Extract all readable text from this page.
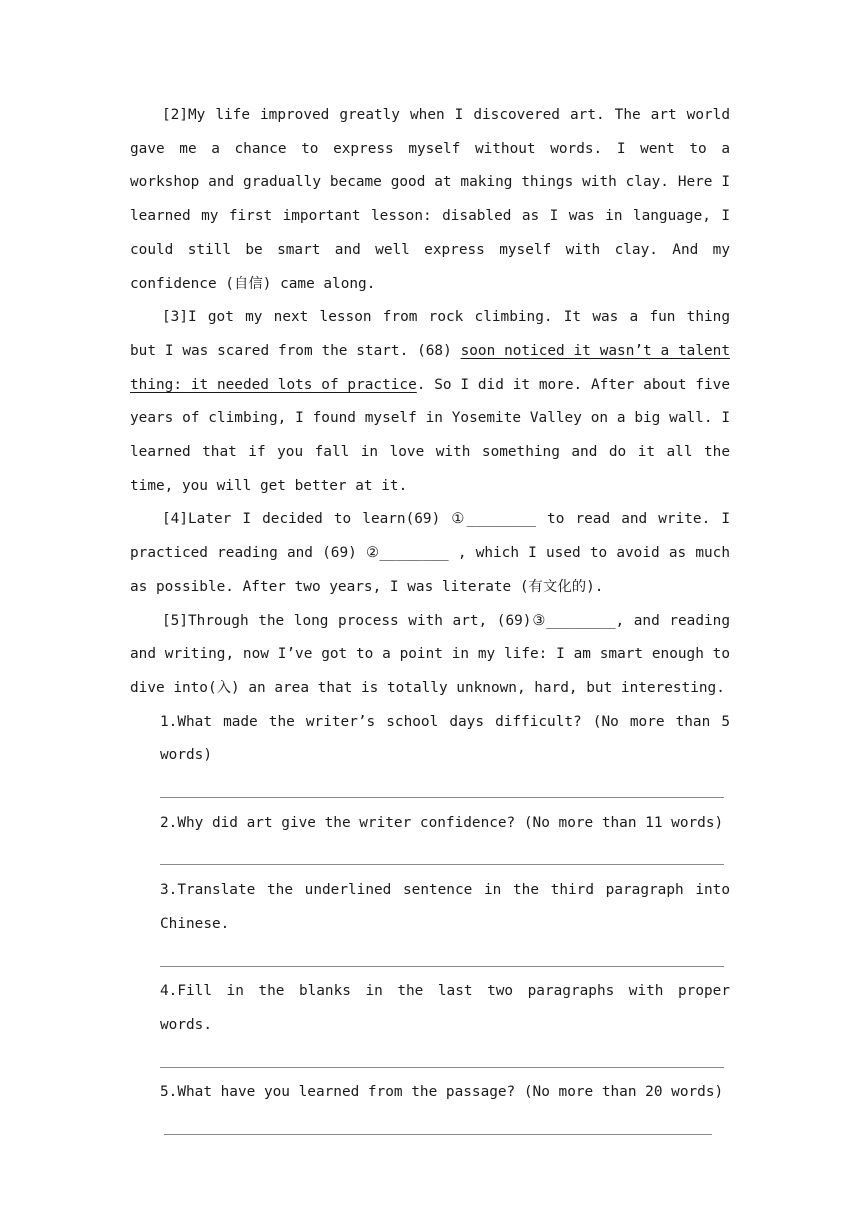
[2]My life improved greatly when I discovered art. The art world gave me a chance to express myself without words. I went to a workshop and gradually became good at making things with clay. Here I learned my first important lesson: disabled as I was in language, I could still be smart and well express myself with clay. And my confidence (自信) came along.

[3]I got my next lesson from rock climbing. It was a fun thing but I was scared from the start. (68) soon noticed it wasn’t a talent thing: it needed lots of practice. So I did it more. After about five years of climbing, I found myself in Yosemite Valley on a big wall. I learned that if you fall in love with something and do it all the time, you will get better at it.

[4]Later I decided to learn(69) ①________ to read and write. I practiced reading and (69) ②________ , which I used to avoid as much as possible. After two years, I was literate (有文化的).

[5]Through the long process with art, (69)③________, and reading and writing, now I’ve got to a point in my life: I am smart enough to dive into(入) an area that is totally unknown, hard, but interesting.

1.What made the writer’s school days difficult? (No more than 5 words)

2.Why did art give the writer confidence? (No more than 11 words)

3.Translate the underlined sentence in the third paragraph into Chinese.

4.Fill in the blanks in the last two paragraphs with proper words.

5.What have you learned from the passage? (No more than 20 words)
